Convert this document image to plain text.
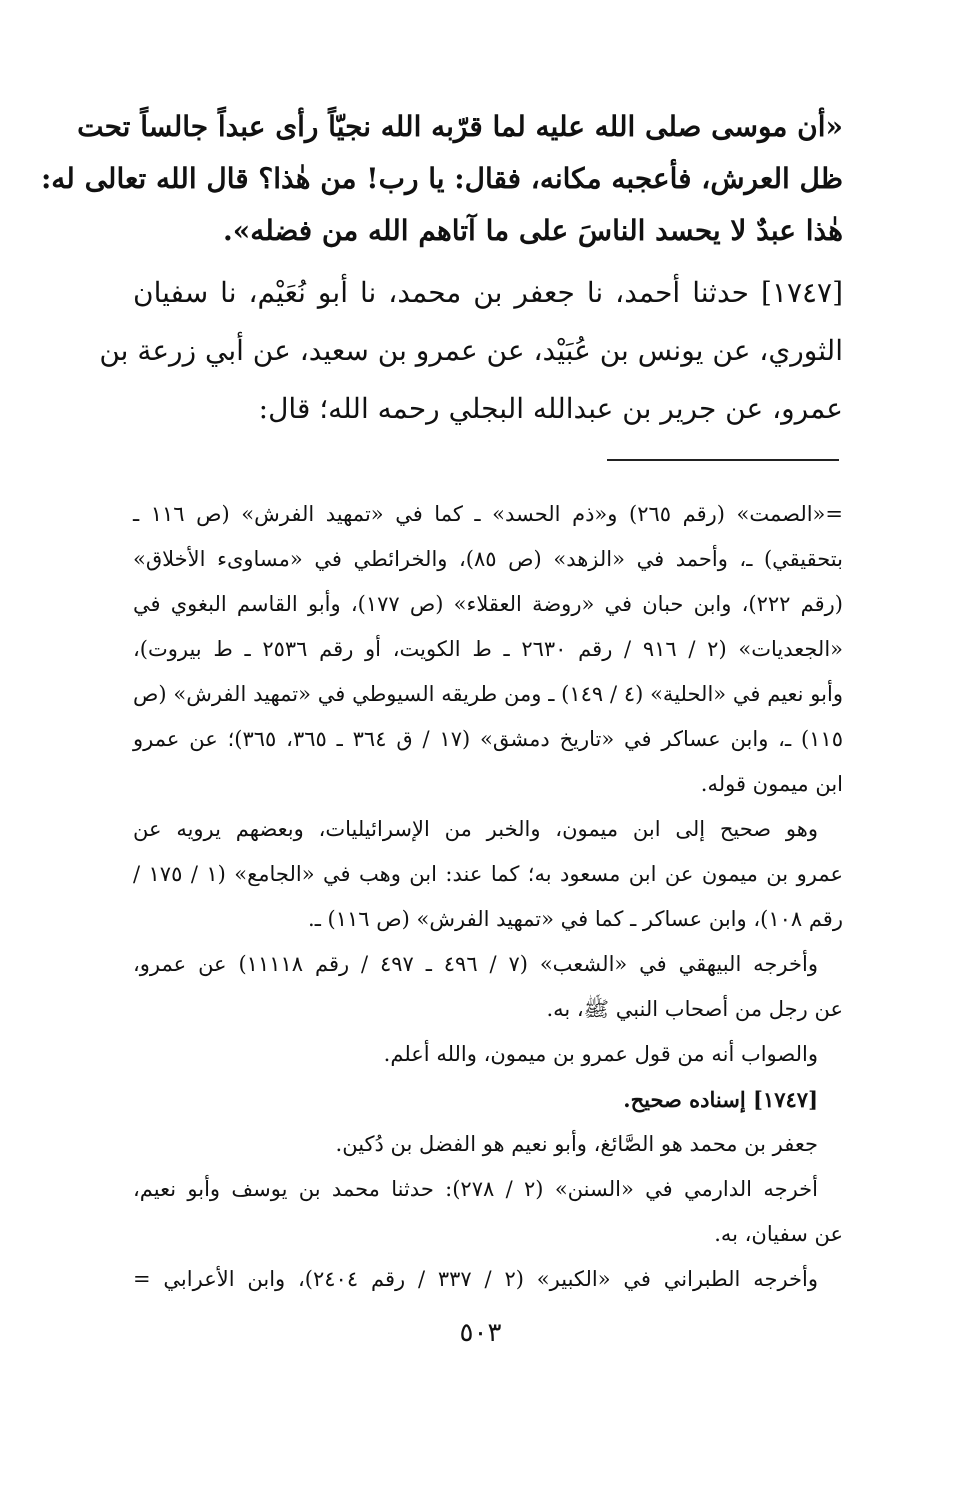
«أن موسى صلى الله عليه لما قرّبه الله نجيّاً رأى عبداً جالساً تحت
ظل العرش، فأعجبه مكانه، فقال: يا رب! من هٰذا؟ قال الله تعالى له:
هٰذا عبدٌ لا يحسد الناسَ على ما آتاهم الله من فضله».
[١٧٤٧] حدثنا أحمد، نا جعفر بن محمد، نا أبو نُعَيْم، نا سفيان
الثوري، عن يونس بن عُبَيْد، عن عمرو بن سعيد، عن أبي زرعة بن
عمرو، عن جرير بن عبدالله البجلي رحمه الله؛ قال:
=«الصمت» (رقم ٢٦٥) و«ذم الحسد» ـ كما في «تمهيد الفرش» (ص ١١٦ ـ
بتحقيقي) ـ، وأحمد في «الزهد» (ص ٨٥)، والخرائطي في «مساوىء الأخلاق»
(رقم ٢٢٢)، وابن حبان في «روضة العقلاء» (ص ١٧٧)، وأبو القاسم البغوي في
«الجعديات» (٢ / ٩١٦ / رقم ٢٦٣٠ ـ ط الكويت، أو رقم ٢٥٣٦ ـ ط بيروت)،
وأبو نعيم في «الحلية» (٤ / ١٤٩) ـ ومن طريقه السيوطي في «تمهيد الفرش» (ص
١١٥) ـ، وابن عساكر في «تاريخ دمشق» (١٧ / ق ٣٦٤ ـ ٣٦٥، ٣٦٥)؛ عن عمرو
ابن ميمون قوله.
وهو صحيح إلى ابن ميمون، والخبر من الإسرائيليات، وبعضهم يرويه عن
عمرو بن ميمون عن ابن مسعود به؛ كما عند: ابن وهب في «الجامع» (١ / ١٧٥ /
رقم ١٠٨)، وابن عساكر ـ كما في «تمهيد الفرش» (ص ١١٦) ـ.
وأخرجه البيهقي في «الشعب» (٧ / ٤٩٦ ـ ٤٩٧ / رقم ١١١١٨) عن عمرو،
عن رجل من أصحاب النبي ﷺ، به.
والصواب أنه من قول عمرو بن ميمون، والله أعلم.
[١٧٤٧] إسناده صحيح.
جعفر بن محمد هو الصَّائغ، وأبو نعيم هو الفضل بن دُكين.
أخرجه الدارمي في «السنن» (٢ / ٢٧٨): حدثنا محمد بن يوسف وأبو نعيم،
عن سفيان، به.
وأخرجه الطبراني في «الكبير» (٢ / ٣٣٧ / رقم ٢٤٠٤)، وابن الأعرابي =
٥٠٣
